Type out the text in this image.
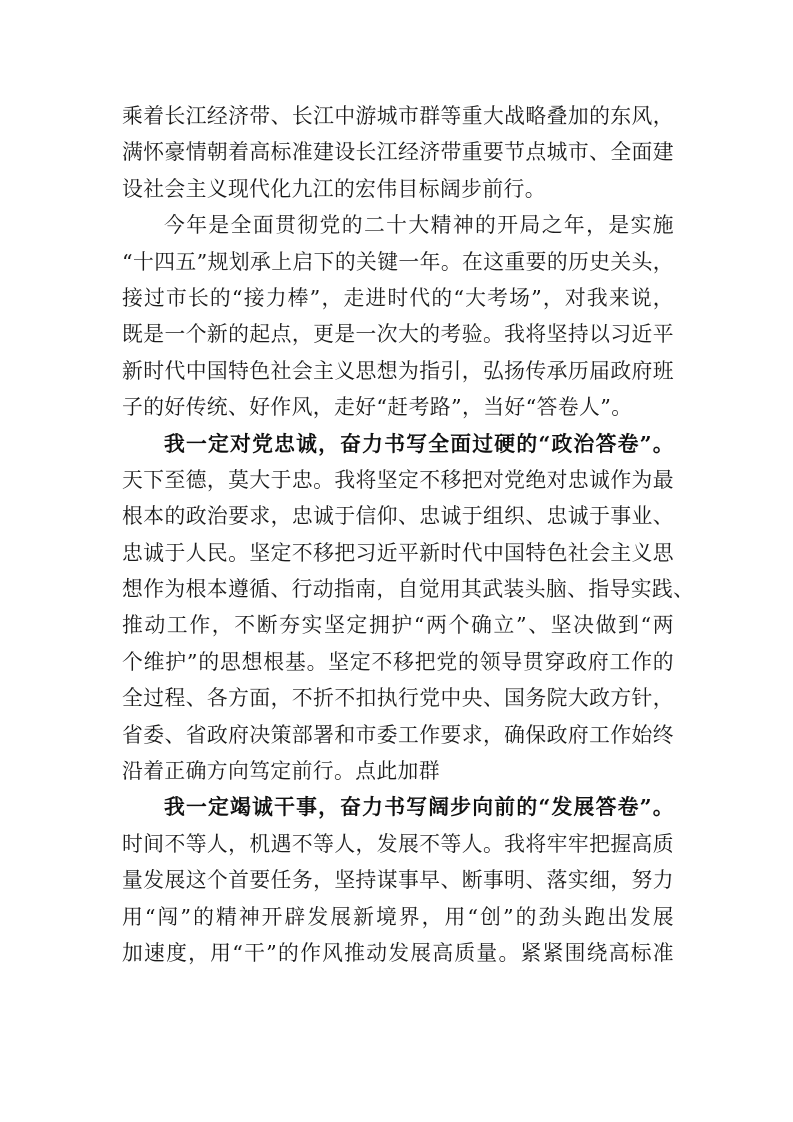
乘着长江经济带、长江中游城市群等重大战略叠加的东风，
满怀豪情朝着高标准建设长江经济带重要节点城市、全面建
设社会主义现代化九江的宏伟目标阔步前行。
今年是全面贯彻党的二十大精神的开局之年，是实施
“十四五”规划承上启下的关键一年。在这重要的历史关头，
接过市长的“接力棒”，走进时代的“大考场”，对我来说，
既是一个新的起点，更是一次大的考验。我将坚持以习近平
新时代中国特色社会主义思想为指引，弘扬传承历届政府班
子的好传统、好作风，走好“赶考路”，当好“答卷人”。
我一定对党忠诚，奋力书写全面过硬的“政治答卷”。
天下至德，莫大于忠。我将坚定不移把对党绝对忠诚作为最
根本的政治要求，忠诚于信仰、忠诚于组织、忠诚于事业、
忠诚于人民。坚定不移把习近平新时代中国特色社会主义思
想作为根本遵循、行动指南，自觉用其武装头脑、指导实践、
推动工作，不断夯实坚定拥护“两个确立”、坚决做到“两
个维护”的思想根基。坚定不移把党的领导贯穿政府工作的
全过程、各方面，不折不扣执行党中央、国务院大政方针，
省委、省政府决策部署和市委工作要求，确保政府工作始终
沿着正确方向笃定前行。点此加群
我一定竭诚干事，奋力书写阔步向前的“发展答卷”。
时间不等人，机遇不等人，发展不等人。我将牢牢把握高质
量发展这个首要任务，坚持谋事早、断事明、落实细，努力
用“闯”的精神开辟发展新境界，用“创”的劲头跑出发展
加速度，用“干”的作风推动发展高质量。紧紧围绕高标准
